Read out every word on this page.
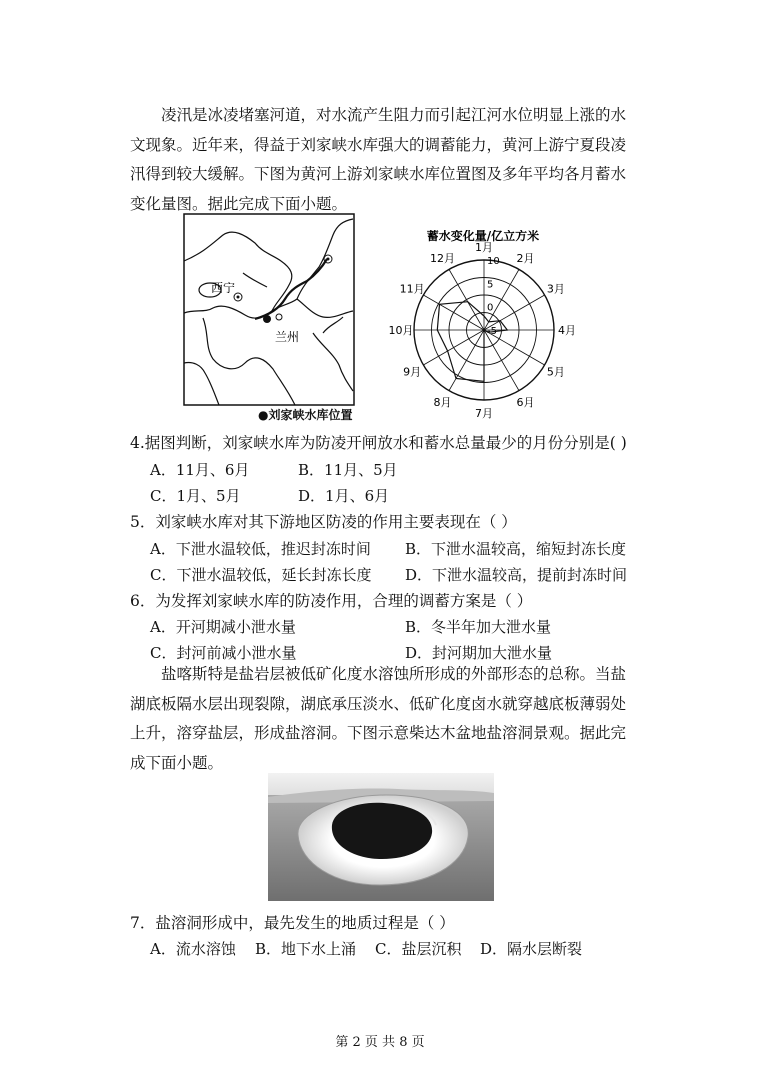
凌汛是冰凌堵塞河道，对水流产生阻力而引起江河水位明显上涨的水文现象。近年来，得益于刘家峡水库强大的调蓄能力，黄河上游宁夏段凌汛得到较大缓解。下图为黄河上游刘家峡水库位置图及多年平均各月蓄水变化量图。据此完成下面小题。
西宁
兰州
●刘家峡水库位置
蓄水变化量/亿立方米
10
5
0
-5
1月
2月
3月
4月
5月
6月
7月
8月
9月
10月
11月
12月
4.据图判断，刘家峡水库为防凌开闸放水和蓄水总量最少的月份分别是( )
A．11月、6月	B．11月、5月
C．1月、5月	D．1月、6月
5．刘家峡水库对其下游地区防凌的作用主要表现在（ ）
A．下泄水温较低，推迟封冻时间 B．下泄水温较高，缩短封冻长度
C．下泄水温较低，延长封冻长度 D．下泄水温较高，提前封冻时间
6．为发挥刘家峡水库的防凌作用，合理的调蓄方案是（ ）
A．开河期减小泄水量	B．冬半年加大泄水量
C．封河前减小泄水量	D．封河期加大泄水量
盐喀斯特是盐岩层被低矿化度水溶蚀所形成的外部形态的总称。当盐湖底板隔水层出现裂隙，湖底承压淡水、低矿化度卤水就穿越底板薄弱处上升，溶穿盐层，形成盐溶洞。下图示意柴达木盆地盐溶洞景观。据此完成下面小题。
7．盐溶洞形成中，最先发生的地质过程是（ ）
A．流水溶蚀 B．地下水上涌 C．盐层沉积 D．隔水层断裂
第 2 页 共 8 页
